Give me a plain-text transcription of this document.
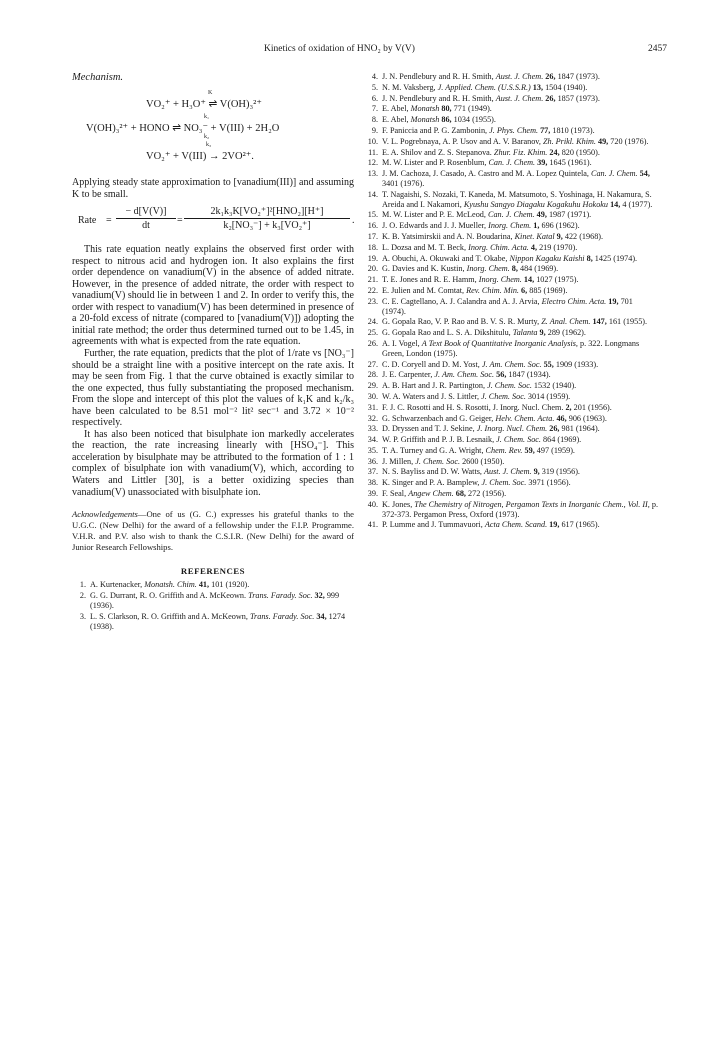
Kinetics of oxidation of HNO₂ by V(V)	2457
Mechanism.
VO₂⁺ + H₃O⁺ ⇌ V(OH)₃²⁺
K
V(OH)₃²⁺ + HONO ⇌ NO₃⁻ + V(III) + 2H₂O
k₁
k₂
VO₂⁺ + V(III) → 2VO²⁺.
k₃

Applying steady state approximation to [vanadium(III)] and assuming K to be small.

Rate = $\frac{- d[V(V)]}{dt}$ =
2k₁k₃K[VO₂⁺]²[HNO₂][H⁺]
k₂[NO₃⁻] + k₃[VO₂⁺]	.

This rate equation neatly explains the observed first order with respect to nitrous acid and hydrogen ion. It also explains the first order dependence on vanadium(V) in the absence of added nitrate. However, in the presence of added nitrate, the order with respect to vanadium(V) should lie in between 1 and 2. In order to verify this, the order with respect to vanadium(V) has been determined in presence of a 20-fold excess of nitrate (compared to [vanadium(V)]) adopting the initial rate method; the order thus determined turned out to be 1.45, in agreements with what is expected from the rate equation.

Further, the rate equation, predicts that the plot of 1/rate vs [NO₃⁻] should be a straight line with a positive intercept on the rate axis. It may be seen from Fig. 1 that the curve obtained is exactly similar to the one expected, thus fully substantiating the proposed mechanism. From the slope and intercept of this plot the values of k₁K and k₂/k₃ have been calculated to be 8.51 mol⁻² lit² sec⁻¹ and 3.72 × 10⁻² respectively.

It has also been noticed that bisulphate ion markedly accelerates the reaction, the rate increasing linearly with [HSO₄⁻]. This acceleration by bisulphate may be attributed to the formation of 1 : 1 complex of bisulphate ion with vanadium(V), which, according to Waters and Littler [30], is a better oxidizing species than vanadium(V) unassociated with bisulphate ion.

Acknowledgements—One of us (G. C.) expresses his grateful thanks to the U.G.C. (New Delhi) for the award of a fellowship under the F.I.P. Programme. V.H.R. and P.V. also wish to thank the C.S.I.R. (New Delhi) for the award of Junior Research Fellowships.
REFERENCES
1. A. Kurtenacker, Monatsh. Chim. 41, 101 (1920).
2. G. G. Durrant, R. O. Griffith and A. McKeown. Trans. Farady. Soc. 32, 999 (1936).
3. L. S. Clarkson, R. O. Griffith and A. McKeown, Trans. Farady. Soc. 34, 1274 (1938).
4. J. N. Pendlebury and R. H. Smith, Aust. J. Chem. 26, 1847 (1973).
5. N. M. Vaksberg, J. Applied. Chem. (U.S.S.R.) 13, 1504 (1940).
6. J. N. Pendlebury and R. H. Smith, Aust. J. Chem. 26, 1857 (1973).
7. E. Abel, Monatsh 80, 771 (1949).
8. E. Abel, Monatsh 86, 1034 (1955).
9. F. Paniccia and P. G. Zambonin, J. Phys. Chem. 77, 1810 (1973).
10. V. L. Pogrebnaya, A. P. Usov and A. V. Baranov, Zh. Prikl. Khim. 49, 720 (1976).
11. E. A. Shilov and Z. S. Stepanova. Zhur. Fiz. Khim. 24, 820 (1950).
12. M. W. Lister and P. Rosenblum, Can. J. Chem. 39, 1645 (1961).
13. J. M. Cachoza, J. Casado, A. Castro and M. A. Lopez Quintela, Can. J. Chem. 54, 3401 (1976).
14. T. Nagaishi, S. Nozaki, T. Kaneda, M. Matsumoto, S. Yoshinaga, H. Nakamura, S. Areida and I. Nakamori, Kyushu Sangyo Diagaku Kogakuhu Hokoku 14, 4 (1977).
15. M. W. Lister and P. E. McLeod, Can. J. Chem. 49, 1987 (1971).
16. J. O. Edwards and J. J. Mueller, Inorg. Chem. 1, 696 (1962).
17. K. B. Yatsimirskii and A. N. Boudarina, Kinet. Katal 9, 422 (1968).
18. L. Dozsa and M. T. Beck, Inorg. Chim. Acta. 4, 219 (1970).
19. A. Obuchi, A. Okuwaki and T. Okabe, Nippon Kagaku Kaishi 8, 1425 (1974).
20. G. Davies and K. Kustin, Inorg. Chem. 8, 484 (1969).
21. T. E. Jones and R. E. Hamm, Inorg. Chem. 14, 1027 (1975).
22. E. Julien and M. Comtat, Rev. Chim. Min. 6, 885 (1969).
23. C. E. Cagtellano, A. J. Calandra and A. J. Arvia, Electro Chim. Acta. 19, 701 (1974).
24. G. Gopala Rao, V. P. Rao and B. V. S. R. Murty, Z. Anal. Chem. 147, 161 (1955).
25. G. Gopala Rao and L. S. A. Dikshitulu, Talanta 9, 289 (1962).
26. A. I. Vogel, A Text Book of Quantitative Inorganic Analysis, p. 322. Longmans Green, London (1975).
27. C. D. Coryell and D. M. Yost, J. Am. Chem. Soc. 55, 1909 (1933).
28. J. E. Carpenter, J. Am. Chem. Soc. 56, 1847 (1934).
29. A. B. Hart and J. R. Partington, J. Chem. Soc. 1532 (1940).
30. W. A. Waters and J. S. Littler, J. Chem. Soc. 3014 (1959).
31. F. J. C. Rosotti and H. S. Rosotti, J. Inorg. Nucl. Chem. 2, 201 (1956).
32. G. Schwarzenbach and G. Geiger, Helv. Chem. Acta. 46, 906 (1963).
33. D. Dryssen and T. J. Sekine, J. Inorg. Nucl. Chem. 26, 981 (1964).
34. W. P. Griffith and P. J. B. Lesnaik, J. Chem. Soc. 864 (1969).
35. T. A. Turney and G. A. Wright, Chem. Rev. 59, 497 (1959).
36. J. Millen, J. Chem. Soc. 2600 (1950).
37. N. S. Bayliss and D. W. Watts, Aust. J. Chem. 9, 319 (1956).
38. K. Singer and P. A. Bamplew, J. Chem. Soc. 3971 (1956).
39. F. Seal, Angew Chem. 68, 272 (1956).
40. K. Jones, The Chemistry of Nitrogen, Pergamon Texts in Inorganic Chem., Vol. II, p. 372-373. Pergamon Press, Oxford (1973).
41. P. Lumme and J. Tummavuori, Acta Chem. Scand. 19, 617 (1965).
